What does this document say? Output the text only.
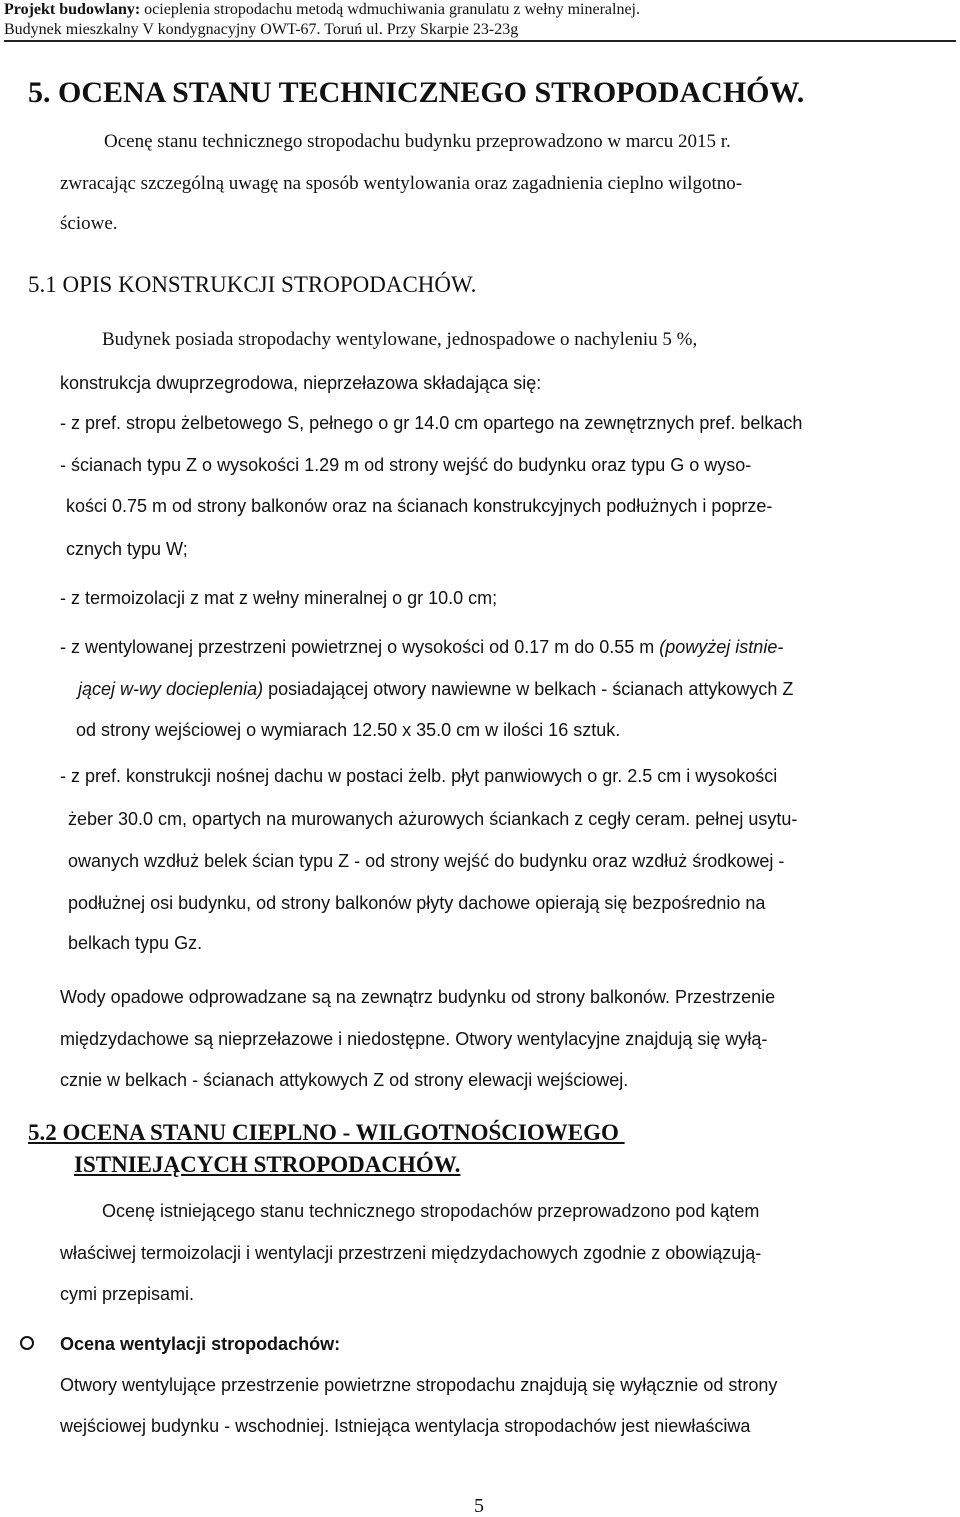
Projekt budowlany: ocieplenia stropodachu metodą wdmuchiwania granulatu z wełny mineralnej.
Budynek mieszkalny V kondygnacyjny OWT-67. Toruń ul. Przy Skarpie 23-23g
5. OCENA STANU TECHNICZNEGO STROPODACHÓW.
Ocenę stanu technicznego stropodachu budynku przeprowadzono w marcu 2015 r.
zwracając szczególną uwagę na sposób wentylowania oraz zagadnienia cieplno wilgotno-
ściowe.
5.1 OPIS KONSTRUKCJI STROPODACHÓW.
Budynek posiada stropodachy wentylowane, jednospadowe o nachyleniu 5 %,
konstrukcja dwuprzegrodowa, nieprzełazowa składająca się:
- z pref. stropu żelbetowego S, pełnego o gr 14.0 cm opartego na zewnętrznych pref. belkach
- ścianach typu Z o wysokości 1.29 m od strony wejść do budynku oraz typu G o wyso-
kości 0.75 m od strony balkonów oraz na ścianach konstrukcyjnych podłużnych i poprze-
cznych typu W;
- z termoizolacji z mat z wełny mineralnej o gr 10.0 cm;
- z wentylowanej przestrzeni powietrznej o wysokości od 0.17 m do 0.55 m (powyżej istnie-
jącej w-wy docieplenia) posiadającej otwory nawiewne w belkach - ścianach attykowych Z
od strony wejściowej o wymiarach 12.50 x 35.0 cm w ilości 16 sztuk.
- z pref. konstrukcji nośnej dachu w postaci żelb. płyt panwiowych o gr. 2.5 cm i wysokości
żeber 30.0 cm, opartych na murowanych ażurowych ściankach z cegły ceram. pełnej usytu-
owanych wzdłuż belek ścian typu Z - od strony wejść do budynku oraz wzdłuż środkowej -
podłużnej osi budynku, od strony balkonów płyty dachowe opierają się bezpośrednio na
belkach typu Gz.
Wody opadowe odprowadzane są na zewnątrz budynku od strony balkonów. Przestrzenie
międzydachowe są nieprzełazowe i niedostępne. Otwory wentylacyjne znajdują się wyłą-
cznie w belkach - ścianach attykowych Z od strony elewacji wejściowej.
5.2 OCENA STANU CIEPLNO - WILGOTNOŚCIOWEGO
ISTNIEJĄCYCH STROPODACHÓW.
Ocenę istniejącego stanu technicznego stropodachów przeprowadzono pod kątem
właściwej termoizolacji i wentylacji przestrzeni międzydachowych zgodnie z obowiązują-
cymi przepisami.
Ocena wentylacji stropodachów:
Otwory wentylujące przestrzenie powietrzne stropodachu znajdują się wyłącznie od strony
wejściowej budynku - wschodniej. Istniejąca wentylacja stropodachów jest niewłaściwa
5
